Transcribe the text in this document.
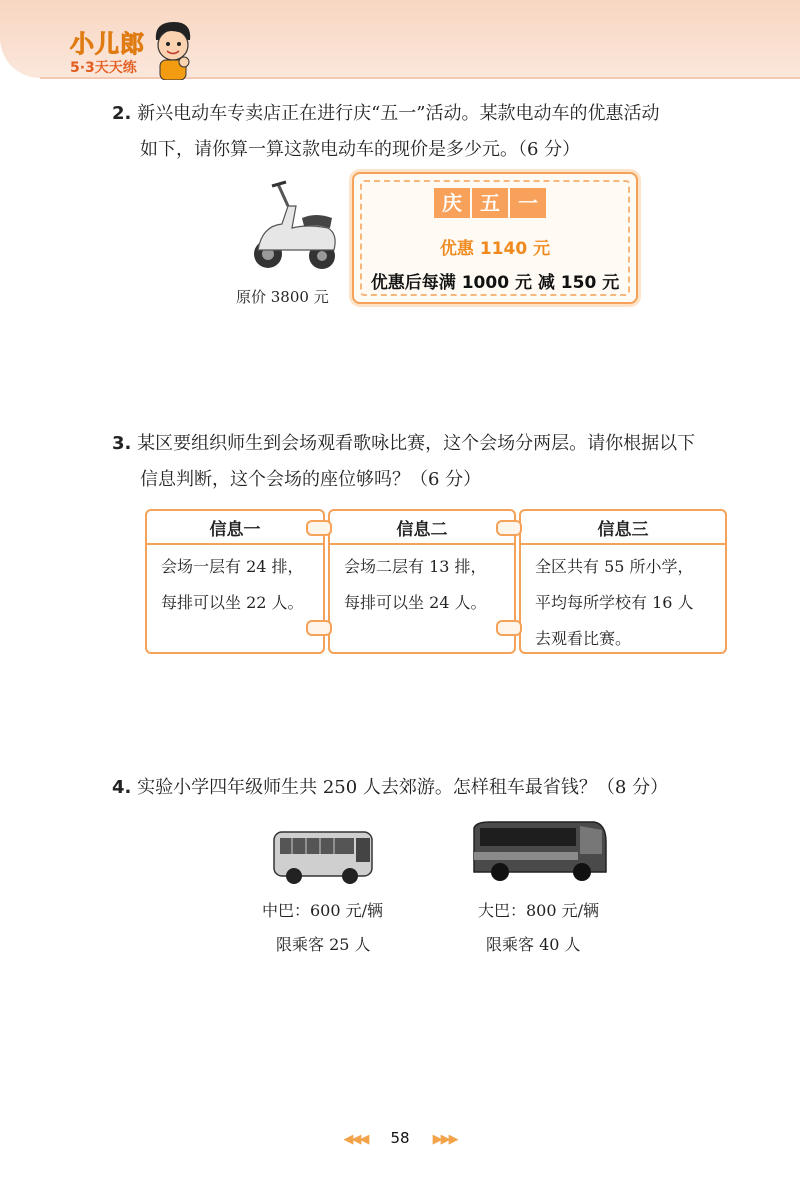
小儿郎
5·3天天练
2. 新兴电动车专卖店正在进行庆“五一”活动。某款电动车的优惠活动
如下，请你算一算这款电动车的现价是多少元。（6 分）
原价 3800 元
庆 五 一
优惠 1140 元
优惠后每满 1000 元 减 150 元
3. 某区要组织师生到会场观看歌咏比赛，这个会场分两层。请你根据以下
信息判断，这个会场的座位够吗？（6 分）
信息一
会场一层有 24 排，
每排可以坐 22 人。
信息二
会场二层有 13 排，
每排可以坐 24 人。
信息三
全区共有 55 所小学，
平均每所学校有 16 人
去观看比赛。
4. 实验小学四年级师生共 250 人去郊游。怎样租车最省钱？（8 分）
中巴：600 元/辆
限乘客 25 人
大巴：800 元/辆
限乘客 40 人
◀◀◀ 58 ▶▶▶
